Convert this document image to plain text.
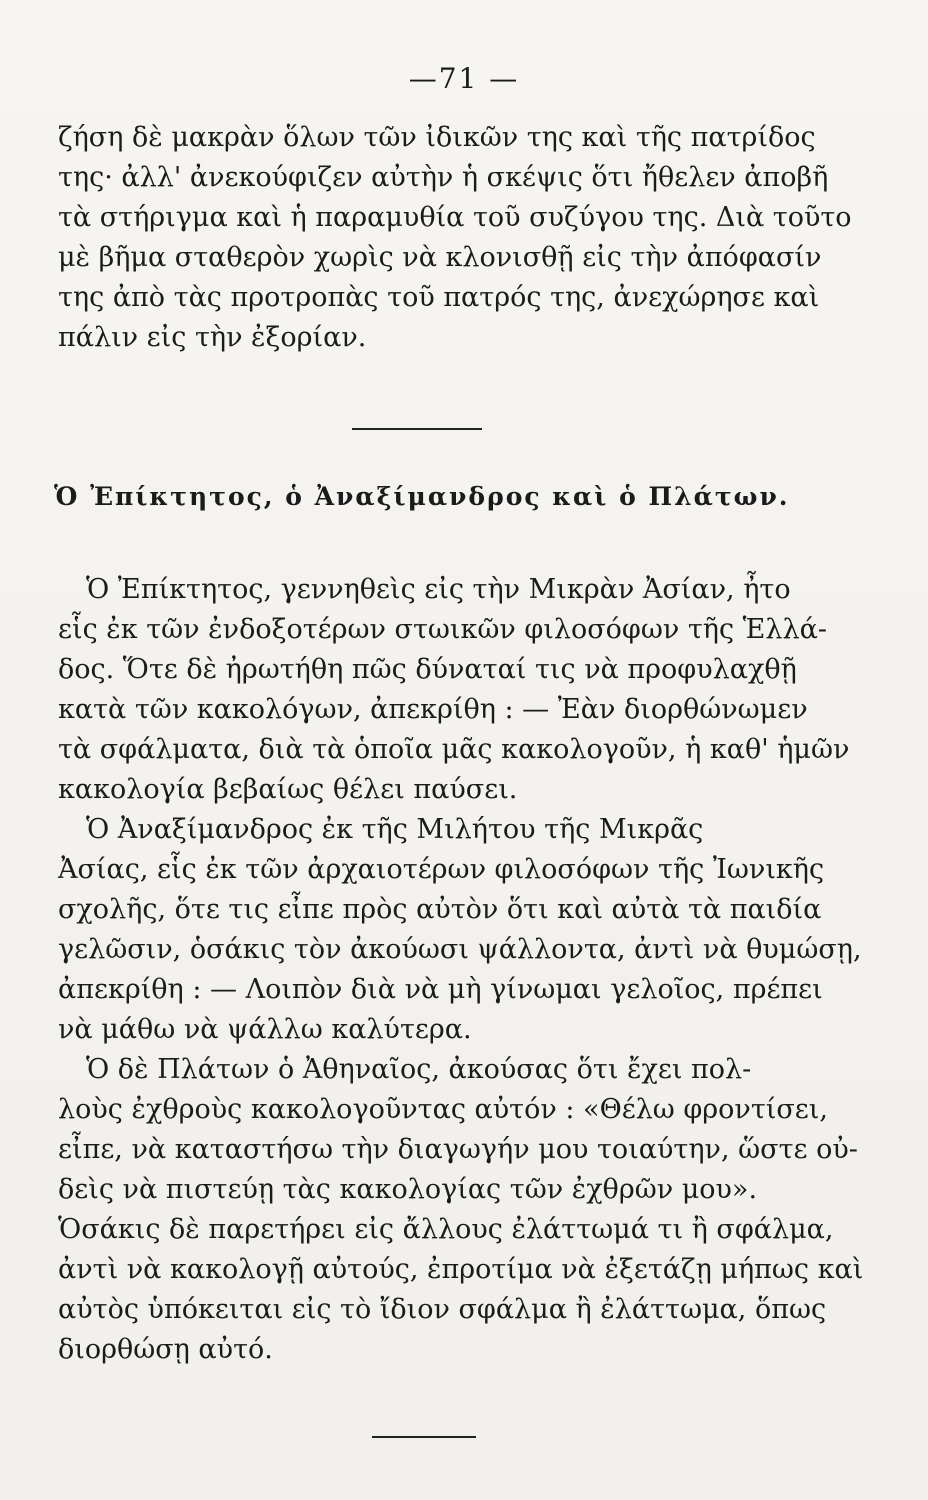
—71 —

ζήση δὲ μακρὰν ὅλων τῶν ἰδικῶν της καὶ τῆς πατρίδος
της· ἀλλ' ἀνεκούφιζεν αὐτὴν ἡ σκέψις ὅτι ἤθελεν ἀποβῆ
τὰ στήριγμα καὶ ἡ παραμυθία τοῦ συζύγου της. Διὰ τοῦτο
μὲ βῆμα σταθερὸν χωρὶς νὰ κλονισθῇ εἰς τὴν ἀπόφασίν
της ἀπὸ τὰς προτροπὰς τοῦ πατρός της, ἀνεχώρησε καὶ
πάλιν εἰς τὴν ἐξορίαν.

Ὁ Ἐπίκτητος, ὁ Ἀναξίμανδρος καὶ ὁ Πλάτων.

Ὁ Ἐπίκτητος, γεννηθεὶς εἰς τὴν Μικρὰν Ἀσίαν, ἦτο
εἷς ἐκ τῶν ἐνδοξοτέρων στωικῶν φιλοσόφων τῆς Ἑλλά-
δος. Ὅτε δὲ ἠρωτήθη πῶς δύναταί τις νὰ προφυλαχθῇ
κατὰ τῶν κακολόγων, ἀπεκρίθη : — Ἐὰν διορθώνωμεν
τὰ σφάλματα, διὰ τὰ ὁποῖα μᾶς κακολογοῦν, ἡ καθ' ἡμῶν
κακολογία βεβαίως θέλει παύσει.
Ὁ Ἀναξίμανδρος ἐκ τῆς Μιλήτου τῆς Μικρᾶς
Ἀσίας, εἷς ἐκ τῶν ἀρχαιοτέρων φιλοσόφων τῆς Ἰωνικῆς
σχολῆς, ὅτε τις εἶπε πρὸς αὐτὸν ὅτι καὶ αὐτὰ τὰ παιδία
γελῶσιν, ὁσάκις τὸν ἀκούωσι ψάλλοντα, ἀντὶ νὰ θυμώσῃ,
ἀπεκρίθη : — Λοιπὸν διὰ νὰ μὴ γίνωμαι γελοῖος, πρέπει
νὰ μάθω νὰ ψάλλω καλύτερα.
Ὁ δὲ Πλάτων ὁ Ἀθηναῖος, ἀκούσας ὅτι ἔχει πολ-
λοὺς ἐχθροὺς κακολογοῦντας αὐτόν : «Θέλω φροντίσει,
εἶπε, νὰ καταστήσω τὴν διαγωγήν μου τοιαύτην, ὥστε οὐ-
δεὶς νὰ πιστεύῃ τὰς κακολογίας τῶν ἐχθρῶν μου».
Ὁσάκις δὲ παρετήρει εἰς ἄλλους ἐλάττωμά τι ἢ σφάλμα,
ἀντὶ νὰ κακολογῇ αὐτούς, ἐπροτίμα νὰ ἐξετάζῃ μήπως καὶ
αὐτὸς ὑπόκειται εἰς τὸ ἴδιον σφάλμα ἢ ἐλάττωμα, ὅπως
διορθώσῃ αὐτό.
